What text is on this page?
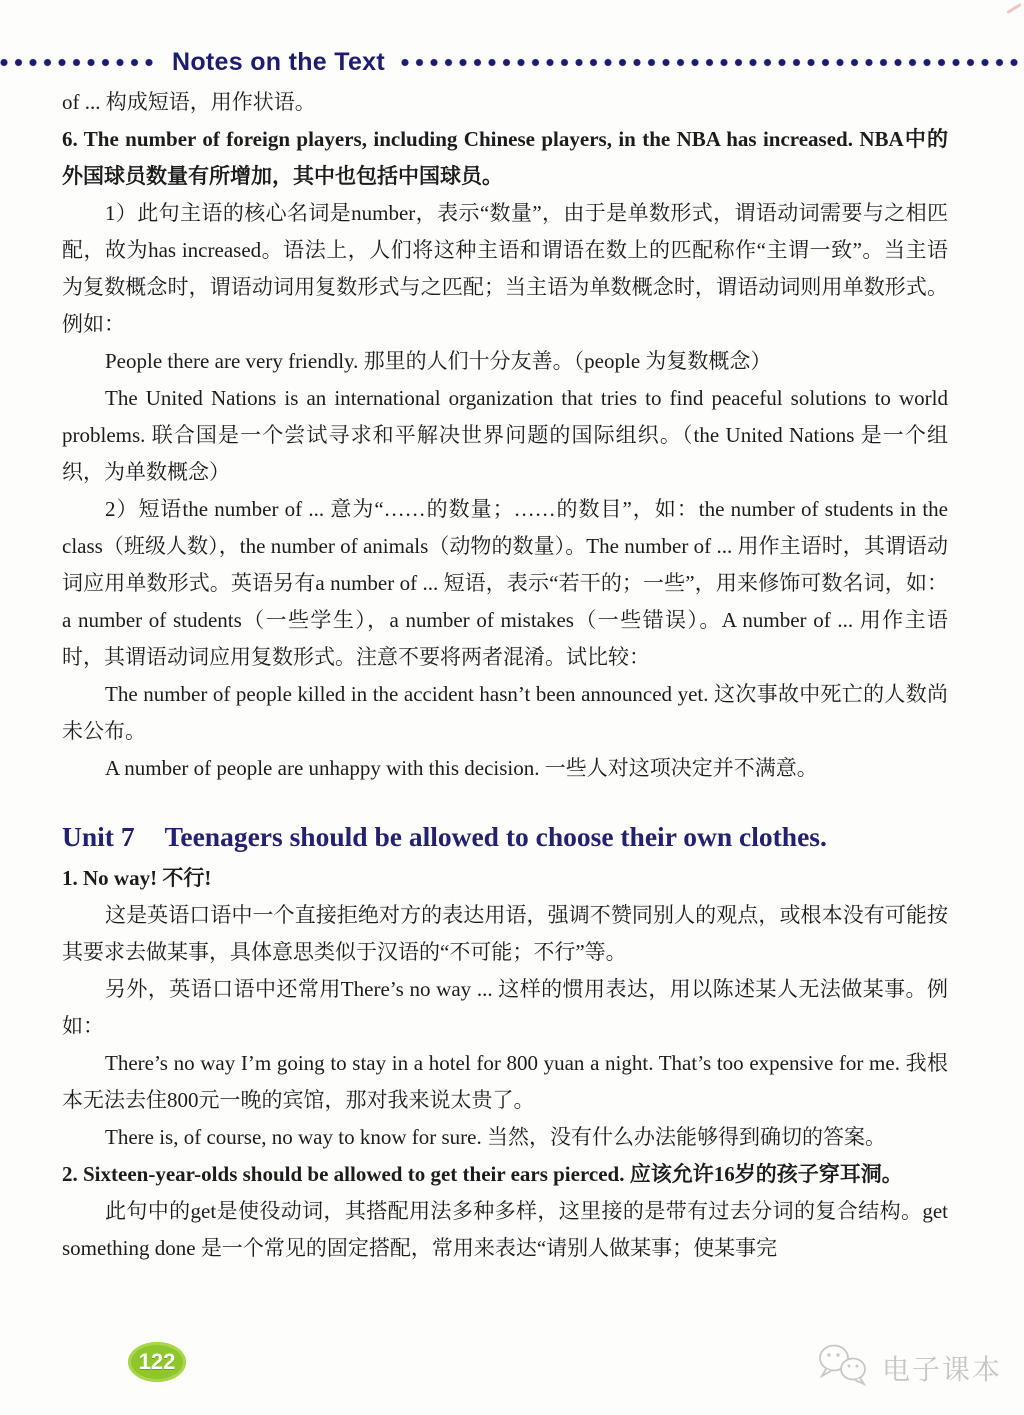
Notes on the Text

of ... 构成短语，用作状语。

6. The number of foreign players, including Chinese players, in the NBA has increased. NBA中的外国球员数量有所增加，其中也包括中国球员。

1）此句主语的核心名词是number，表示“数量”，由于是单数形式，谓语动词需要与之相匹配，故为has increased。语法上，人们将这种主语和谓语在数上的匹配称作“主谓一致”。当主语为复数概念时，谓语动词用复数形式与之匹配；当主语为单数概念时，谓语动词则用单数形式。例如：

People there are very friendly. 那里的人们十分友善。（people 为复数概念）

The United Nations is an international organization that tries to find peaceful solutions to world problems. 联合国是一个尝试寻求和平解决世界问题的国际组织。（the United Nations 是一个组织，为单数概念）

2）短语the number of ... 意为“……的数量；……的数目”，如：the number of students in the class（班级人数），the number of animals（动物的数量）。The number of ... 用作主语时，其谓语动词应用单数形式。英语另有a number of ... 短语，表示“若干的；一些”，用来修饰可数名词，如：a number of students（一些学生），a number of mistakes（一些错误）。A number of ... 用作主语时，其谓语动词应用复数形式。注意不要将两者混淆。试比较：

The number of people killed in the accident hasn’t been announced yet. 这次事故中死亡的人数尚未公布。

A number of people are unhappy with this decision. 一些人对这项决定并不满意。

Unit 7 Teenagers should be allowed to choose their own clothes.

1. No way! 不行!

这是英语口语中一个直接拒绝对方的表达用语，强调不赞同别人的观点，或根本没有可能按其要求去做某事，具体意思类似于汉语的“不可能；不行”等。

另外，英语口语中还常用There’s no way ... 这样的惯用表达，用以陈述某人无法做某事。例如：

There’s no way I’m going to stay in a hotel for 800 yuan a night. That’s too expensive for me. 我根本无法去住800元一晚的宾馆，那对我来说太贵了。

There is, of course, no way to know for sure. 当然，没有什么办法能够得到确切的答案。

2. Sixteen-year-olds should be allowed to get their ears pierced. 应该允许16岁的孩子穿耳洞。

此句中的get是使役动词，其搭配用法多种多样，这里接的是带有过去分词的复合结构。get something done 是一个常见的固定搭配，常用来表达“请别人做某事；使某事完

122	电子课本
